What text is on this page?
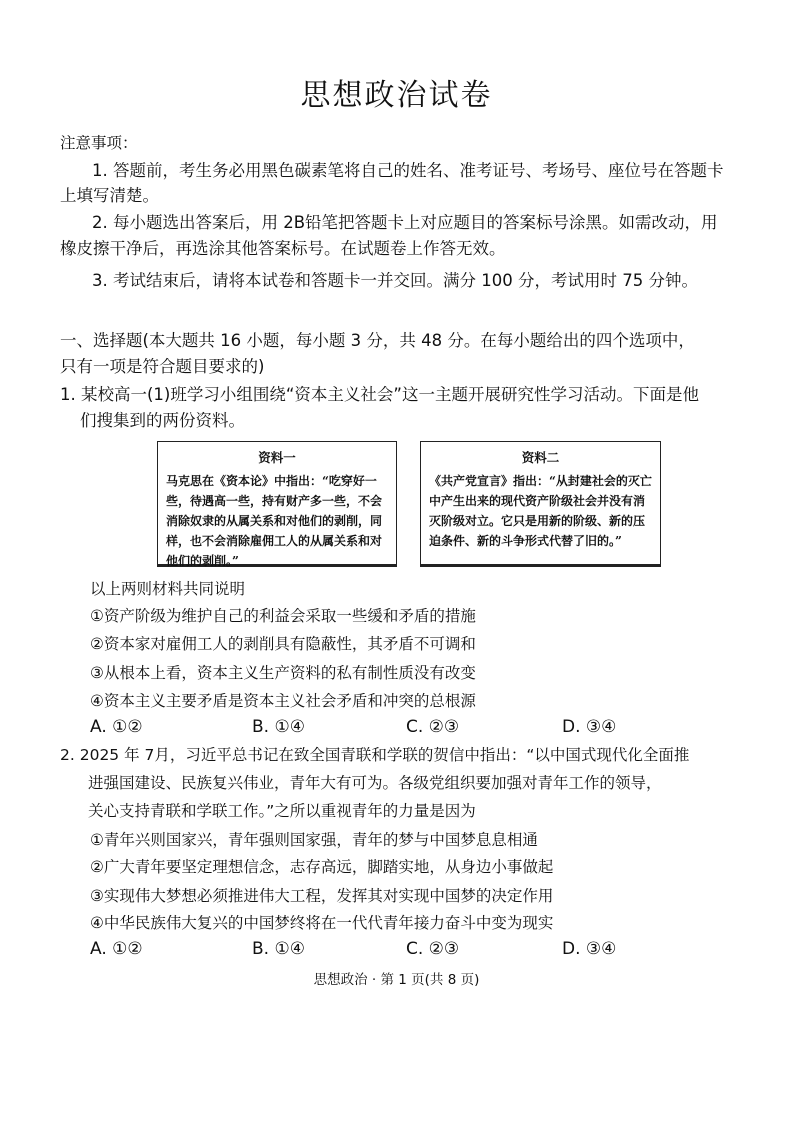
思想政治试卷
注意事项：
1. 答题前，考生务必用黑色碳素笔将自己的姓名、准考证号、考场号、座位号在答题卡
上填写清楚。
2. 每小题选出答案后，用 2B铅笔把答题卡上对应题目的答案标号涂黑。如需改动，用
橡皮擦干净后，再选涂其他答案标号。在试题卷上作答无效。
3. 考试结束后，请将本试卷和答题卡一并交回。满分 100 分，考试用时 75 分钟。
一、选择题(本大题共 16 小题，每小题 3 分，共 48 分。在每小题给出的四个选项中，
只有一项是符合题目要求的)
1. 某校高一(1)班学习小组围绕“资本主义社会”这一主题开展研究性学习活动。下面是他
们搜集到的两份资料。
资料一
马克思在《资本论》中指出：“吃穿好一些，待遇高一些，持有财产多一些，不会消除奴隶的从属关系和对他们的剥削，同样，也不会消除雇佣工人的从属关系和对他们的剥削。”
资料二
《共产党宣言》指出：“从封建社会的灭亡中产生出来的现代资产阶级社会并没有消灭阶级对立。它只是用新的阶级、新的压迫条件、新的斗争形式代替了旧的。”
以上两则材料共同说明
①资产阶级为维护自己的利益会采取一些缓和矛盾的措施
②资本家对雇佣工人的剥削具有隐蔽性，其矛盾不可调和
③从根本上看，资本主义生产资料的私有制性质没有改变
④资本主义主要矛盾是资本主义社会矛盾和冲突的总根源
A. ①②	B. ①④	C. ②③	D. ③④
2. 2025 年 7月，习近平总书记在致全国青联和学联的贺信中指出：“以中国式现代化全面推
进强国建设、民族复兴伟业，青年大有可为。各级党组织要加强对青年工作的领导，
关心支持青联和学联工作。”之所以重视青年的力量是因为
①青年兴则国家兴，青年强则国家强，青年的梦与中国梦息息相通
②广大青年要坚定理想信念，志存高远，脚踏实地，从身边小事做起
③实现伟大梦想必须推进伟大工程，发挥其对实现中国梦的决定作用
④中华民族伟大复兴的中国梦终将在一代代青年接力奋斗中变为现实
A. ①②	B. ①④	C. ②③	D. ③④
思想政治 · 第 1 页(共 8 页)
